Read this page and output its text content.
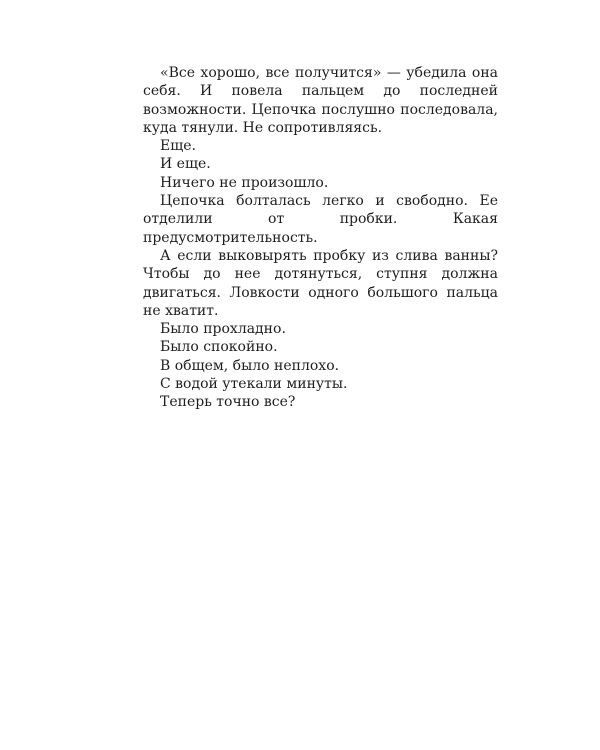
«Все хорошо, все получится» — убедила она себя. И повела пальцем до последней возможности. Цепочка послушно последовала, куда тянули. Не сопротивляясь.

Еще.

И еще.

Ничего не произошло.

Цепочка болталась легко и свободно. Ее отделили от пробки. Какая предусмотрительность.

А если выковырять пробку из слива ванны? Чтобы до нее дотянуться, ступня должна двигаться. Ловкости одного большого пальца не хватит.

Было прохладно.

Было спокойно.

В общем, было неплохо.

С водой утекали минуты.

Теперь точно все?
